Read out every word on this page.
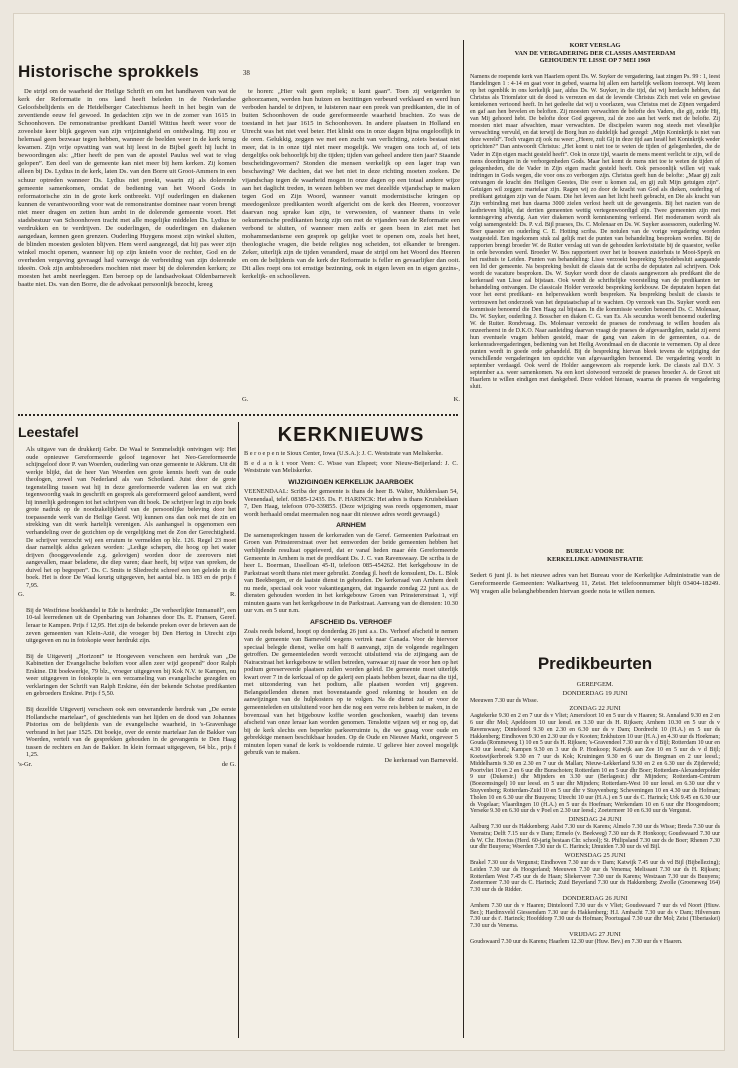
Historische sprokkels	38

De strijd om de waarheid der Heilige Schrift en om het handhaven van wat de kerk der Reformatie in ons land heeft beleden in de Nederlandse Geloofsbelijdenis en de Heidelberger Catechismus heeft in het begin van de zeventiende eeuw fel gewoed. In gedachten zijn we in de zomer van 1615 in Schoonhoven. De remonstrantse predikant Daniël Wittius heeft weer voor de zoveelste keer blijk gegeven van zijn vrijzinnigheid en ontdwaling. Hij zou er helemaal geen bezwaar tegen hebben, wanneer de beelden weer in de kerk terug kwamen. Zijn vrije opvatting van wat hij leest in de Bijbel geeft hij lucht in bewoordingen als: „Hier heeft de pen van de apostel Paulus wel wat te vlug gelopen”. Een deel van de gemeente kan niet meer bij hem kerken. Zij komen alleen bij Ds. Lydius in de kerk, laten Ds. van den Borre uit Groot-Ammers in een schuur optreden wanneer Ds. Lydius niet preekt, waarin zij als dolerende gemeente samenkomen, omdat de bediening van het Woord Gods in reformatorische zin in de grote kerk ontbreekt. Vijf ouderlingen en diakenen kunnen de verantwoording voor wat de remonstrantse dominee naar voren brengt niet meer dragen en zetten hun ambt in de dolerende gemeente voort. Het stadsbestuur van Schoonhoven tracht met alle mogelijke middelen Ds. Lydius te verdrukken en te verdrijven. De ouderlingen, de ouderlingen en diakenen aangedaan, kennen geen grenzen. Ouderling Huygens moest zijn winkel sluiten, de blinden moesten gesloten blijven. Hem werd aangezegd, dat hij pas weer zijn winkel mocht openen, wanneer hij op zijn knieën voor de rechter, God en de overheden vergeving gevraagd had vanwege de verbreiding van zijn dolerende ideeën. Ook zijn ambtsbroeders mochten niet meer bij de dolerenden kerken; ze moesten het ambt neerleggen. Een beroep op de landsadvokaat Oldenbarnevelt baatte niet. Ds. van den Borre, die de advokaat persoonlijk bezocht, kreeg

te horen: „Hier valt geen repliek; u kunt gaan”. Toen zij weigerden te gehoorzamen, werden hun huizen en bezittingen verbeurd verklaard en werd hun verboden handel te drijven, te luisteren naar een preek van predikanten, die in of buiten Schoonhoven de oude gereformeerde waarheid brachten. Zo was de toestand in het jaar 1615 in Schoonhoven. In andere plaatsen in Holland en Utrecht was het niet veel beter. Het klinkt ons in onze dagen bijna ongelooflijk in de oren. Gelukkig, zeggen we met een zucht van verlichting, zoiets bestaat niet meer, dat is in onze tijd niet meer mogelijk. We vragen ons toch af, of iets dergelijks ook behoorlijk bij die tijden; tijden van geheel andere tien jaar? Staande bescheidingsvormen? Stonden die mensen werkelijk op een lager trap van beschaving? We dachten, dat we het niet in deze richting moeten zoeken. De vijandschap tegen de waarheid mogen in onze dagen op een totaal andere wijze aan het daglicht treden, in wezen hebben we met dezelfde vijandschap te maken tegen God en Zijn Woord, wanneer vanuit modernistische kringen op meedogenloze predikanten wordt afgericht om de kerk des Heeren, voorzover daarvan nog sprake kan zijn, te verwoesten, of wanneer thans in vele oekumenische predikanten bezig zijn om met de vijanden van de Reformatie een verbond te sluiten, of wanneer men zelfs er geen been in ziet met het mohammedanisme een gesprek op gelijke voet te openen om, zoals het heet, theologische vragen, die beide religies nog scheiden, tot elkander te brengen. Zeker, uiterlijk zijn de tijden veranderd, maar de strijd om het Woord des Heeren en om de belijdenis van de kerk der Reformatie is feller en gevaarlijker dan ooit. Dit alles roept ons tot ernstige bezinning, ook in eigen leven en in eigen gezins-, kerkelijk- en schoolleven.

G.	K.
Leestafel

Als uitgave van de drukkerij Gebr. De Waal te Sommelsdijk ontvingen wij: Het oude opnieuwe Gereformeerde geloof tegenover het Neo-Gereformeerde schijngeloof door P. van Woerden, ouderling van onze gemeente te Akkrum. Uit dit werkje blijkt, dat de heer Van Woerden een grote kennis heeft van de oude theologen, zowel van Nederland als van Schotland. Juist door de grote tegenstelling tussen wat hij in deze gereformeerde vaderen las en wat zich tegenwoordig vaak in geschrift en gesprek als gereformeerd geloof aandient, werd hij innerlijk gedrongen tot het schrijven van dit boek. De schrijver legt in zijn boek grote nadruk op de noodzakelijkheid van de persoonlijke beleving door het toepassende werk van de Heilige Geest. Wij kunnen ons dan ook met de zin en strekking van dit werk hartelijk verenigen. Als aanhangsel is opgenomen een verhandeling over de gezichten op de vergelijking met de Zon der Gerechtigheid. De schrijver verzocht wij een erratum te vermelden op blz. 126. Regel 23 moet daar namelijk aldus gelezen worden: „Ledige schepen, die hoog op het water drijven (hooggevoelende z.g. gelovigen) worden door de zeerovers niet aangevallen, maar beladene, die diep varen; daar heeft, bij wijze van spreken, de duivel het op begrepen”. Ds. C. Smits te Sliedrecht schreef een ten geleide in dit boek. Het is door De Waal keurig uitgegeven, het aantal blz. is 183 en de prijs f 7,95.

G.	R.

Bij de Westfriese boekhandel te Ede is herdrukt: „De verheerlijkte Immanuël”, een 10-tal leerredenen uit de Openbaring van Johannes door Ds. E. Fransen, Geref. leraar te Kampen. Prijs f 12,95. Het zijn de bekende preken over de brieven aan de zeven gemeenten van Klein-Azië, die vroeger bij Den Hertog in Utrecht zijn uitgegeven en nu in fotokopie weer herdrukt zijn.

Bij de Uitgeverij „Horizont” te Hoogeveen verscheen een herdruk van „De Kabinetten der Evangelische beloften voor allen zeer wijd geopend” door Ralph Erskine. Dit boekwerkje, 79 blz., vroeger uitgegeven bij Kok N.V. te Kampen, nu weer uitgegeven in fotokopie is een verzameling van evangelische gezegden en verklaringen der Schrift van Ralph Erskine, één der bekende Schotse predikanten en gebroeders Erskine. Prijs f 5,50.

Bij dezelfde Uitgeverij verscheen ook een onveranderde herdruk van „De eerste Hollandsche martelaar”, of geschiedenis van het lijden en de dood van Johannes Pistorius om de belijdenis van de evangelische waarheid, in 's-Gravenhage verbrand in het jaar 1525. Dit boekje, over de eerste martelaar Jan de Bakker van Woerden, vertelt van de gesprekken gehouden in de gevangenis te Den Haag tussen de rechters en Jan de Bakker. In klein formaat uitgegeven, 64 blz., prijs f 1,25.

's-Gr.	de G.
KERKNIEUWS

B e r o e p e n te Sioux Center, Iowa (U.S.A.): J. C. Weststrate van Meliskerke.

B e d a n k t voor Veen: C. Wisse van Elspeet; voor Nieuw-Beijerland: J. C. Weststrate van Meliskerke.

WIJZIGINGEN KERKELIJK JAARBOEK

VEENENDAAL: Scriba der gemeente is thans de heer B. Walter, Mulderslaan 54, Veenendaal, telef. 08385-12435. Ds. F. HARINCK: Het adres is thans Kruisbeklaan 7, Den Haag, telefoon 070-339855. (Deze wijziging was reeds opgenomen, maar wordt herhaald omdat meermalen nog naar dit nieuwe adres wordt gevraagd.)

ARNHEM

De samensprekingen tussen de kerkeraden van de Geref. Gemeenten Parkstraat en Groen van Prinstererstraat over het eenworden der beide gemeenten hebben het verblijdende resultaat opgeleverd, dat er vanaf heden maar één Gereformeerde Gemeente in Arnhem is met de predikant Ds. J. C. van Ravenswaay. De scriba is de heer L. Boerman, IJsselloan 45-II, telefoon 085-454262. Het kerkgebouw in de Parkstraat wordt thans niet meer gebruikt. Zondag jl. heeft de konsulent, Ds. L. Blok van Beekbergen, er de laatste dienst in gehouden. De kerkeraad van Arnhem deelt nu mede, speciaal ook voor vakantiegangers, dat ingaande zondag 22 juni a.s. de diensten gehouden worden in het kerkgebouw Groen van Prinstererstraat 1, vijf minuten gaans van het kerkgebouw in de Parkstraat. Aanvang van de diensten: 10.30 uur v.m. en 5 uur n.m.

AFSCHEID Ds. VERHOEF

Zoals reeds bekend, hoopt op donderdag 26 juni a.s. Ds. Verhoef afscheid te nemen van de gemeente van Barneveld wegens vertrek naar Canada. Voor de hiervoor speciaal belegde dienst, welke om half 8 aanvangt, zijn de volgende regelingen getroffen. De gemeenteleden wordt verzocht uitsluitend via de zijingang aan de Nairacstraat het kerkgebouw te willen betreden, vanwaar zij naar de voor hen op het podium gereserveerde plaatsen zullen worden geleid. De gemeente moet uiterlijk kwart over 7 in de kerkzaal of op de galerij een plaats hebben bezet, daar na die tijd, met uitzondering van het podium, alle plaatsen worden vrij gegeven. Belangstellenden dienen met bovenstaande goed rekening te houden en de aanwijzingen van de hulpkosters op te volgen. Na de dienst zal er voor de gemeenteleden en uitsluitend voor hen die nog een verre reis hebben te maken, in de bovenzaal van het bijgebouw koffie worden geschonken, waarbij dan tevens afscheid van onze leraar kan worden genomen. Tenslotte wijzen wij er nog op, dat bij de kerk slechts een beperkte parkeerruimte is, die we graag voor oude en gebrekkige mensen beschikbaar houden. Op de Oude en Nieuwe Markt, ongeveer 5 minuten lopen vanaf de kerk is voldoende ruimte. U gelieve hier zoveel mogelijk gebruik van te maken.

De kerkeraad van Barneveld.
KORT VERSLAG
VAN DE VERGADERING DER CLASSIS AMSTERDAM
GEHOUDEN TE LISSE OP 7 MEI 1969

Namens de roepende kerk van Haarlem opent Ds. W. Suyker de vergadering, laat zingen Ps. 99 : 1, leest Handelingen 1 : 4-14 en gaat voor in gebed, waarna hij allen een hartelijk welkom toeroept. Wij lezen op het ogenblik in ons kerkelijk jaar, aldus Ds. W. Suyker, in die tijd, dat wij herdacht hebben, dat Christus als Triomfator uit de dood is verrezen en dat de levende Christus Zich met vele en gewisse kentekenen vertoond heeft. In het gedeelte dat wij u voorlazen, was Christus met de Zijnen vergaderd en gaf aan hen bevelen en beloften. Zij moesten verwachten de belofte des Vaders, die gij, zeide Hij, van Mij gehoord hebt. De belofte door God gegeven, zal de zoo aan het werk met de belofte. Zij moesten niet maar afwachten, maar verwachten. De discipelen waren nog steeds met vleselijke verwachting vervuld, en dat terwijl de Borg hun zo duidelijk had gezegd: „Mijn Koninkrijk is niet van deze wereld”. Toch vragen zij ook nu weer: „Heere, zult Gij in deze tijd aan Israël het Koninkrijk weder oprichten?” Dan antwoordt Christus: „Het komt u niet toe te weten de tijden of gelegenheden, die de Vader in Zijn eigen macht gesteld heeft”. Ook in onze tijd, waarin de mens meent verlicht te zijn, wil de mens doordringen in de verborgenheden Gods. Maar het komt de mens niet toe te weten de tijden of gelegenheden, die de Vader in Zijn eigen macht gesteld heeft. Ook persoonlijk willen wij vaak indringen in Gods wegen, die voor ons zo verborgen zijn. Christus geeft hun de belofte: „Maar gij zult ontvangen de kracht des Heiligen Geestes, Die over u komen zal, en gij zult Mijn getuigen zijn”. Getuigen wil zeggen: martelaar zijn. Ragen wij zo door de kracht van God als dieken, ouderling of predikant getuigen zijn van de Naam. Die het leven aan het licht heeft gebracht, en Die als kracht van Zijn verbinding met hun daarna 3000 zielen verlost heeft uit de gevangenis. Bij het nazien van de lastbrieven blijkt, dat dertien gemeenten wettig vertegenwoordigd zijn. Twee gemeenten zijn met kennisgeving afwezig. Aan vier diakenen wordt kennisneming verleend. Het moderamen wordt als volgt samengesteld: Ds. P. v.d. Bijl praeses, Ds. C. Molenaar en Ds. W. Suyker assessoren, ouderling W. Boer quaestor en ouderling C. E. Hotting scriba. De notulen van de vorige vergadering worden vastgesteld. Een ingekomen stuk zal gelijk met de punten van behandeling besproken worden. Bij de rapporten brengt broeder W. de Ruiter verslag uit van de gehouden kerkvisitatie bij de quaestor, welke in orde bevonden werd. Broeder W. Bos rapporteert over het te bouwen zusterhuis te Mooi-Speyk en het rusthuis te Leiden. Punten van behandeling: Lisse verzoekt bespreking Synodebesluit aangaande een lid der gemeente. Na bespreking besluit de classis dat de scriba de deputaten zal schrijven. Ook wordt de vacature besproken. Ds. W. Suyker wordt door de classis aangewezen als predikant die de kerkeraad van Lisse zal bijstaan. Ook wordt de schriftelijke voorstelling van de predikanten ter behandeling ontvangen. De classicale Holder verzoekt bespreking kerkbouw. De deputaten hopen dat voor het eerst predikant- en helpersvakken wordt bespreken. Na bespreking besluit de classis te vertrouwen het onderzoek van het deputaatschap af te wachten. Op verzoek van Ds. Suyker wordt een kommissie benoemd die Den Haag zal bijstaan. In die kommissie worden benoemd Ds. C. Molenaar, Ds. W. Suyker, ouderling J. Bosscher en diaken C. G. van Es. Als secundus wordt benoemd ouderling W. de Ruiter. Rondvraag. Ds. Molenaar verzoekt de praeses de rondvraag te willen houden als onzeerheerst in de D.K.O. Naar aanleiding daarvan vraagt de praeses de afgevaardigden, nadat zij eerst hun eventuele vragen hebben gesteld, maar de gang van zaken in de gemeenten, o.a. de kerkenradsvergaderingen, bediening van het Heilig Avondmaal en de diaconie te vernemen. Op al deze punten wordt in goede orde gehandeld. Bij de bespreking hiervan bleek tevens de wijziging der verschillende vergaderingen ten opzichte van afgevaardigden benoemd. De vergadering wordt in september verdaagd. Ook werd de Holder aangewezen als roepende kerk. De classis zal D.V. 3 september a.s. weer samenkomen. Na een kort slotwoord verzoekt de praeses broeder A. de Groot uit Haarlem te willen eindigen met dankgebed. Deze voldoet hieraan, waarna de praeses de vergadering sluit.

BUREAU VOOR DE
KERKELIJKE ADMINISTRATIE

Sedert 6 juni jl. is het nieuwe adres van het Bureau voor de Kerkelijke Administratie van de Gereformeerde Gemeenten: Walkartweg 11, Zeist. Het telefoonnummer blijft 03404-18249. Wij vragen alle belanghebbenden hiervan goede nota te willen nemen.

Predikbeurten
GEREFGEM.
DONDERDAG 19 JUNI

Meeuwen 7.30 uur ds Wisse.

ZONDAG 22 JUNI

Aagtekerke 9.30 en 2 en 7 uur ds v Vliet; Amersfoort 10 en 5 uur ds v Haaren; St. Annaland 9.30 en 2 en 6 uur dhr Mol; Apeldoorn 10 uur leesd. en 3.30 uur ds H. Rijksen; Arnhem 10.30 en 5 uur ds v Ravenswaay; Dinteloord 9.30 en 2.30 en 6.30 uur ds v Dam; Dordrecht 10 (H.A.) en 5 uur ds Hakkenberg; Eindhoven 9.30 en 2.30 uur ds v Kooten; Enkhuizen 10 uur (H.A.) en 4.30 uur ds Hoekman; Gouda (Rommeweg 1) 10 en 5 uur ds H. Rijksen; 's-Gravendeel 7.30 uur ds v d Bijl; Rotterdam 10 uur en 4.30 uur leesd.; Kampen 9.30 en 3 uur ds P. Honkoop; Katwijk aan Zee 10 en 5 uur ds v d Bijl; Koetswijkerbroek 9.30 en 7 uur ds Kok; Kruiningen 9.30 en 6 uur ds Bregman en 2 uur leesd.; Middelharnis 9.30 en 2.30 en 7 uur ds Mallan; Nieuw-Lekkerland 9.30 en 2 en 6.30 uur ds Zijderveld; Poortvliet 10 en 2 en 6 uur dhr Bunschoten; Rotterdam 10 en 5 uur dhr Boer; Rotterdam-Alexanderpolder 9 uur (Dukerstr.) dhr Mijnders en 3.30 uur (Berlagestr.) dhr Mijnders; Rotterdam-Centrum (Boezemsingel) 10 uur leesd. en 5 uur dhr Mijnders; Rotterdam-West 10 uur leesd. en 6.30 uur dhr v Stuyvenberg; Rotterdam-Zuid 10 en 5 uur dhr v Stuyvenberg; Scheveningen 10 en 4.30 uur ds Hofman; Tholen 10 en 6.30 uur dhr Buuyens; Utrecht 10 uur (H.A.) en 5 uur ds C. Harinck; Urk 9.45 en 6.30 uur ds Vogelaar; Vlaardingen 10 (H.A.) en 5 uur ds Hoefman; Werkendam 10 en 6 uur dhr Hoogendoorn; Yerseke 9.30 en 6.30 uur ds v Poel en 2.30 uur leesd.; Zoetermeer 10 en 6.30 uur ds Vergunst.

DINSDAG 24 JUNI

Aalburg 7.30 uur ds Hakkenberg; Aalst 7.30 uur ds Karens; Almelo 7.30 uur ds Wisse; Breda 7.30 uur ds Veenstra; Delft 7.15 uur ds v Dam; Ermelo (v. Beekweg) 7.30 uur ds P. Honkoop; Goudswaard 7.30 uur ds W. Chr. Hovius (Herd. 60-jarig bestaan Chr. school); St. Philipsland 7.30 uur ds de Boer; Rhenen 7.30 uur dhr Buuyens; Woerden 7.30 uur ds C. Harinck; IJmuiden 7.30 uur ds vd Bijl.

WOENSDAG 25 JUNI

Brakel 7.30 uur ds Vergunst; Eindhoven 7.30 uur ds v Dam; Katwijk 7.45 uur ds vd Bijl (Bijbellezing); Leiden 7.30 uur ds Hoogerland; Meeuwen 7.30 uur ds Venema; Melissant 7.30 uur ds H. Rijksen; Rotterdam West 7.45 uur ds de Haan; Sliekerveer 7.30 uur ds Karens; Westzaan 7.30 uur ds Buuyens; Zoetermeer 7.30 uur ds C. Harinck; Zuid Beyerland 7.30 uur ds Hakkenberg; Zwolle (Groeneweg 164) 7.30 uur ds de Ridder.

DONDERDAG 26 JUNI

Arnhem 7.30 uur ds v Haaren; Dinteloord 7.30 uur ds v Vliet; Goudswaard 7 uur ds vd Noort (Hiuw. Ber.); Hardinxveld Giessendam 7.30 uur ds Hakkenberg; H.I. Ambacht 7.30 uur ds v Dam; Hilversum 7.30 uur ds t'. Harinck; Hoofddorp 7.30 uur ds Hofman; Poortugaal 7.30 uur dhr Mol; Zeist (Tiberiaskei) 7.30 uur ds Venema.

VRIJDAG 27 JUNI

Goudswaard 7.30 uur ds Karens; Haarlem 12.30 uur (Huw. Bev.) en 7.30 uur ds v Haaren.
